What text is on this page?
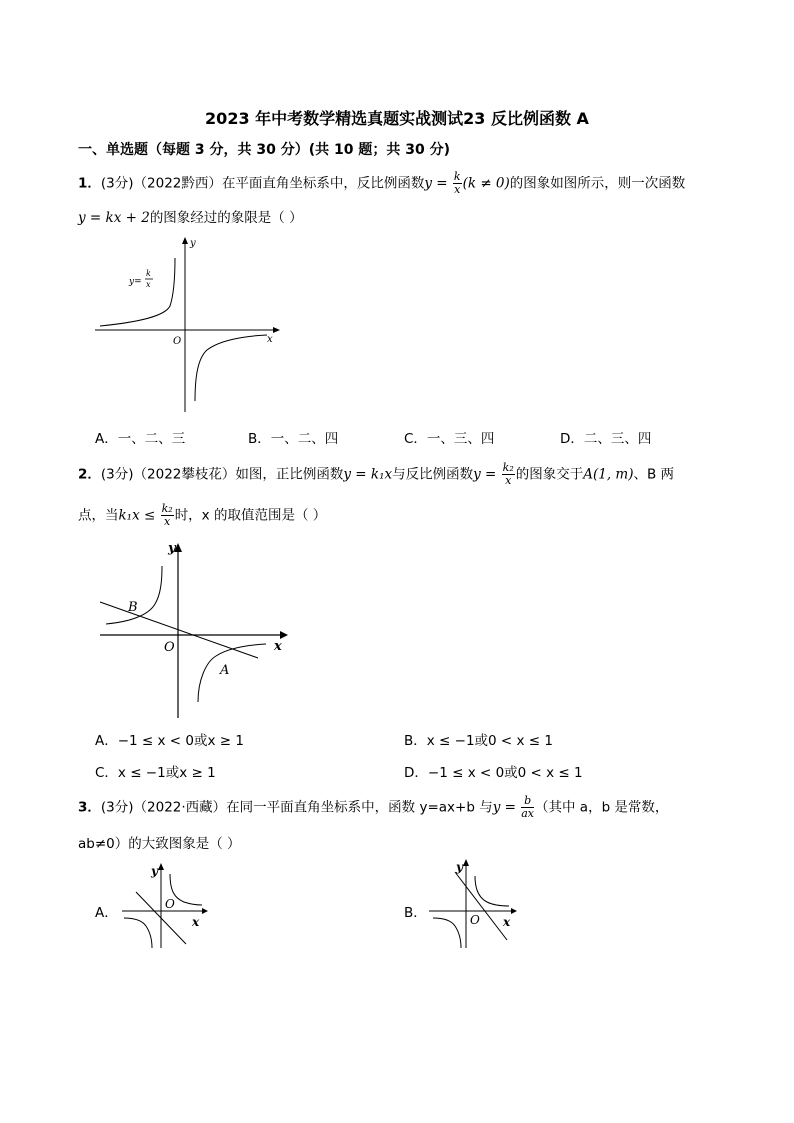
2023 年中考数学精选真题实战测试23 反比例函数 A
一、单选题（每题 3 分，共 30 分）(共 10 题；共 30 分)
1．(3分)（2022黔西）在平面直角坐标系中，反比例函数$y = \frac{k}{x} (k \ne 0)$的图象如图所示，则一次函数
y = kx + 2的图象经过的象限是（ ）
y=
k
x
y
x
O
A．一、二、三	B．一、二、四	C．一、三、四	D．二、三、四
2．(3分)（2022攀枝花）如图，正比例函数y = k₁x与反比例函数$y = \frac{\text{k₂}}{x}$ 的图象交于A(1, m)、B 两
点，当$k_1x \le \frac{\text{k₂}}{x}$ 时，x 的取值范围是（ ）
y
x
O
A
B
A．−1 ≤ x < 0或x ≥ 1	B．x ≤ −1或0 < x ≤ 1
C．x ≤ −1或x ≥ 1	D．−1 ≤ x < 0或0 < x ≤ 1
3．(3分)（2022·西藏）在同一平面直角坐标系中，函数 y=ax+b 与$y = \frac{b}{ax}$ （其中 a，b 是常数，
ab≠0）的大致图象是（ ）
A．
y
x
O
B．
y
x
O
